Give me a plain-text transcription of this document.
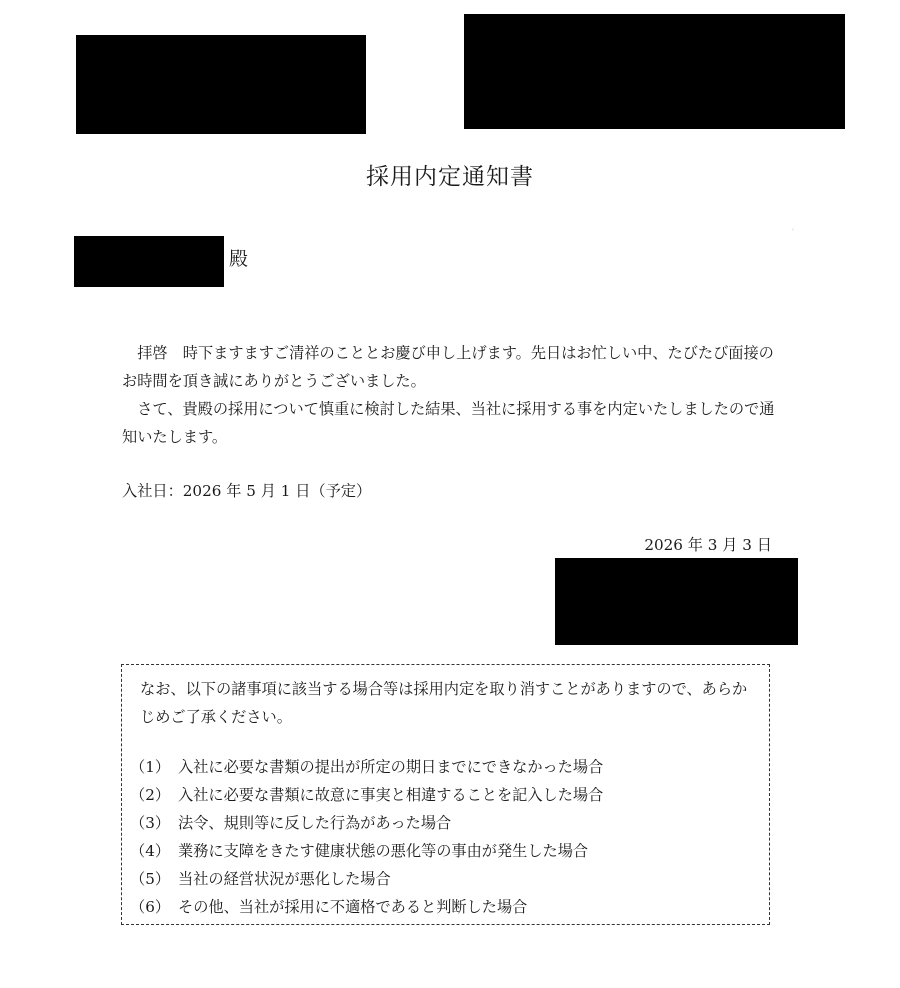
採用内定通知書
殿
'

拝啓　時下ますますご清祥のこととお慶び申し上げます。先日はお忙しい中、たびたび面接のお時間を頂き誠にありがとうございました。

さて、貴殿の採用について慎重に検討した結果、当社に採用する事を内定いたしましたので通知いたします。

入社日：2026 年 5 月 1 日（予定）
2026 年 3 月 3 日
なお、以下の諸事項に該当する場合等は採用内定を取り消すことがありますので、あらかじめご了承ください。
（1） 入社に必要な書類の提出が所定の期日までにできなかった場合
（2） 入社に必要な書類に故意に事実と相違することを記入した場合
（3） 法令、規則等に反した行為があった場合
（4） 業務に支障をきたす健康状態の悪化等の事由が発生した場合
（5） 当社の経営状況が悪化した場合
（6） その他、当社が採用に不適格であると判断した場合
